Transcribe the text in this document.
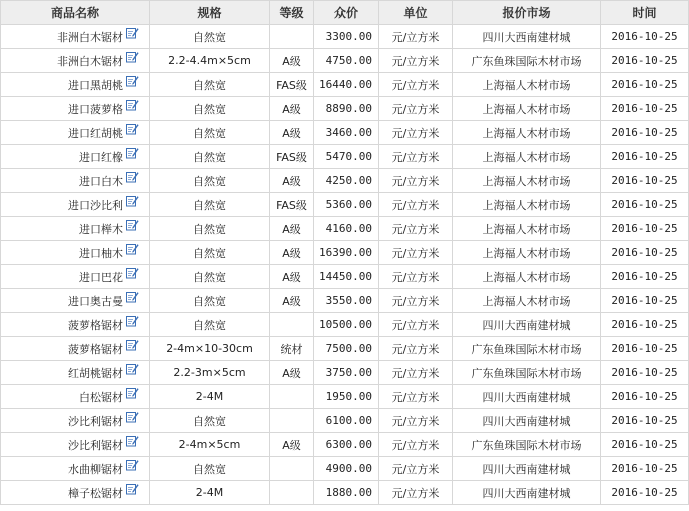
商品名称	规格	等级	众价	单位	报价市场	时间
非洲白木锯材	自然宽		3300.00	元/立方米	四川大西南建材城	2016-10-25
非洲白木锯材	2.2-4.4m×5cm	A级	4750.00	元/立方米	广东鱼珠国际木材市场	2016-10-25
进口黑胡桃	自然宽	FAS级	16440.00	元/立方米	上海福人木材市场	2016-10-25
进口菠萝格	自然宽	A级	8890.00	元/立方米	上海福人木材市场	2016-10-25
进口红胡桃	自然宽	A级	3460.00	元/立方米	上海福人木材市场	2016-10-25
进口红橡	自然宽	FAS级	5470.00	元/立方米	上海福人木材市场	2016-10-25
进口白木	自然宽	A级	4250.00	元/立方米	上海福人木材市场	2016-10-25
进口沙比利	自然宽	FAS级	5360.00	元/立方米	上海福人木材市场	2016-10-25
进口榉木	自然宽	A级	4160.00	元/立方米	上海福人木材市场	2016-10-25
进口柚木	自然宽	A级	16390.00	元/立方米	上海福人木材市场	2016-10-25
进口巴花	自然宽	A级	14450.00	元/立方米	上海福人木材市场	2016-10-25
进口奥古曼	自然宽	A级	3550.00	元/立方米	上海福人木材市场	2016-10-25
菠萝格锯材	自然宽		10500.00	元/立方米	四川大西南建材城	2016-10-25
菠萝格锯材	2-4m×10-30cm	统材	7500.00	元/立方米	广东鱼珠国际木材市场	2016-10-25
红胡桃锯材	2.2-3m×5cm	A级	3750.00	元/立方米	广东鱼珠国际木材市场	2016-10-25
白松锯材	2-4M		1950.00	元/立方米	四川大西南建材城	2016-10-25
沙比利锯材	自然宽		6100.00	元/立方米	四川大西南建材城	2016-10-25
沙比利锯材	2-4m×5cm	A级	6300.00	元/立方米	广东鱼珠国际木材市场	2016-10-25
水曲柳锯材	自然宽		4900.00	元/立方米	四川大西南建材城	2016-10-25
樟子松锯材	2-4M		1880.00	元/立方米	四川大西南建材城	2016-10-25
